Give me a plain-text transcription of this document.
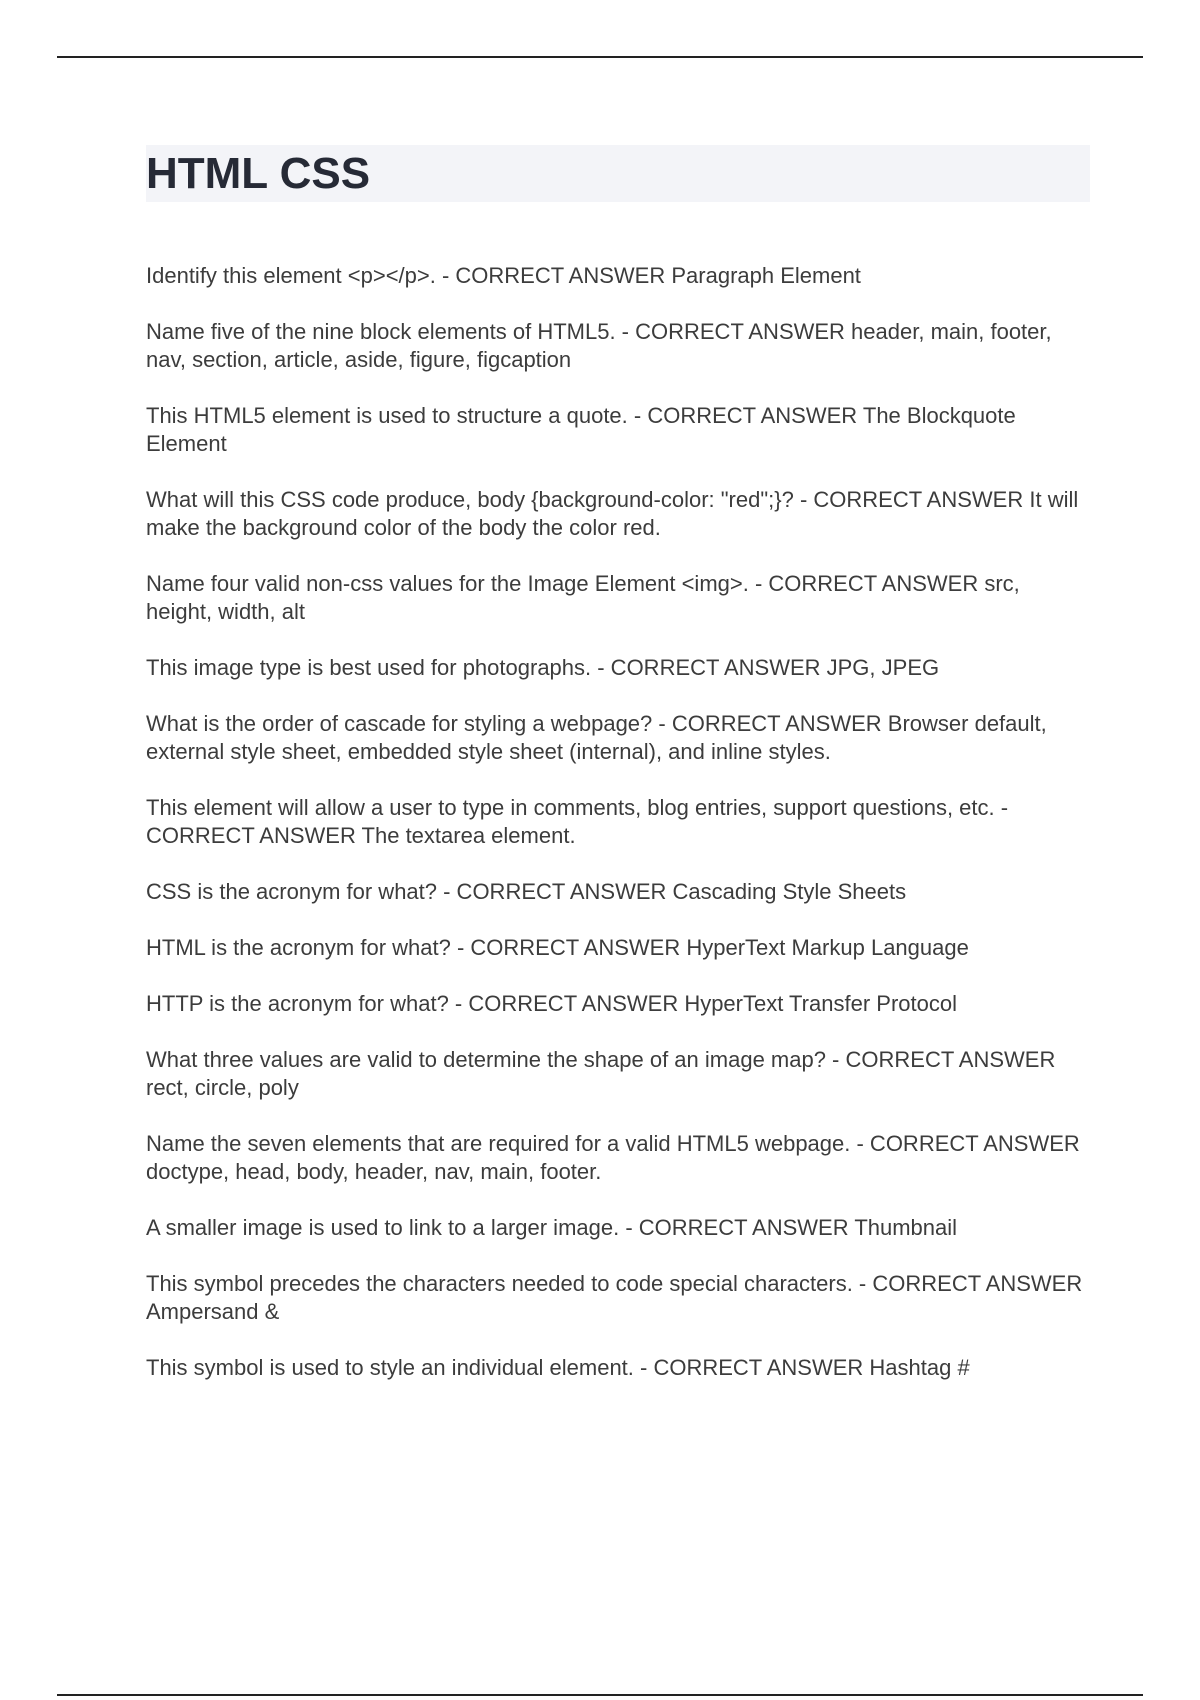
HTML CSS

Identify this element <p></p>. - CORRECT ANSWER Paragraph Element

Name five of the nine block elements of HTML5. - CORRECT ANSWER header, main, footer, nav, section, article, aside, figure, figcaption

This HTML5 element is used to structure a quote. - CORRECT ANSWER The Blockquote Element

What will this CSS code produce, body {background-color: "red";}? - CORRECT ANSWER It will make the background color of the body the color red.

Name four valid non-css values for the Image Element <img>. - CORRECT ANSWER src, height, width, alt

This image type is best used for photographs. - CORRECT ANSWER JPG, JPEG

What is the order of cascade for styling a webpage? - CORRECT ANSWER Browser default, external style sheet, embedded style sheet (internal), and inline styles.

This element will allow a user to type in comments, blog entries, support questions, etc. - CORRECT ANSWER The textarea element.

CSS is the acronym for what? - CORRECT ANSWER Cascading Style Sheets

HTML is the acronym for what? - CORRECT ANSWER HyperText Markup Language

HTTP is the acronym for what? - CORRECT ANSWER HyperText Transfer Protocol

What three values are valid to determine the shape of an image map? - CORRECT ANSWER rect, circle, poly

Name the seven elements that are required for a valid HTML5 webpage. - CORRECT ANSWER doctype, head, body, header, nav, main, footer.

A smaller image is used to link to a larger image. - CORRECT ANSWER Thumbnail

This symbol precedes the characters needed to code special characters. - CORRECT ANSWER Ampersand &

This symbol is used to style an individual element. - CORRECT ANSWER Hashtag #
